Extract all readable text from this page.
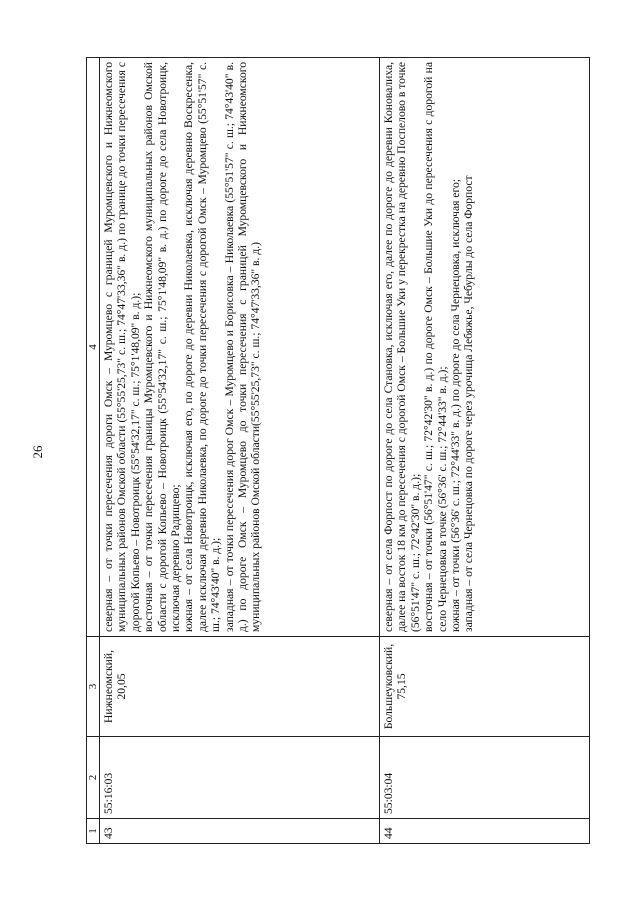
26
1	2	3	4
43	55:16:03	Нижнеомский, 20,05	северная – от точки пересечения дороги Омск – Муромцево с границей Муромцевского и Нижнеомского муниципальных районов Омской области (55°55'25,73" с. ш.; 74°47'33,36" в. д.) по границе до точки пересечения с дорогой Копьево – Новотроицк (55°54'32,17" с. ш.; 75°1'48,09" в. д.); восточная – от точки пересечения границы Муромцевского и Нижнеомского муниципальных районов Омской области с дорогой Копьево – Новотроицк (55°54'32,17" с. ш.; 75°1'48,09" в. д.) по дороге до села Новотроицк, исключая деревню Радищево; южная – от села Новотроицк, исключая его, по дороге до деревни Николаевка, исключая деревню Воскресенка, далее исключая деревню Николаевка, по дороге до точки пересечения с дорогой Омск – Муромцево (55°51'57" с. ш.; 74°43'40" в. д.); западная – от точки пересечения дорог Омск – Муромцево и Борисовка – Николаевка (55°51'57" с. ш.; 74°43'40" в. д.) по дороге Омск – Муромцево до точки пересечения с границей Муромцевского и Нижнеомского муниципальных районов Омской области(55°55'25,73" с. ш.; 74°47'33,36" в. д.)

44	55:03:04	Большеуковский, 75,15	северная – от села Форпост по дороге до села Становка, исключая его, далее по дороге до деревни Коновалиха, далее на восток 18 км до пересечения с дорогой Омск – Большие Уки у перекрестка на деревню Поспелово в точке (56°51'47" с. ш.; 72°42'30" в. д.); восточная – от точки (56°51'47" с. ш.; 72°42'30" в. д.) по дороге Омск – Большие Уки до пересечения с дорогой на село Чернецовка в точке (56°36' с. ш.; 72°44'33" в. д.); южная – от точки (56°36' с. ш.; 72°44'33" в. д.) по дороге до села Чернецовка, исключая его; западная – от села Чернецовка по дороге через урочища Лебяжье, Чебурлы до села Форпост
